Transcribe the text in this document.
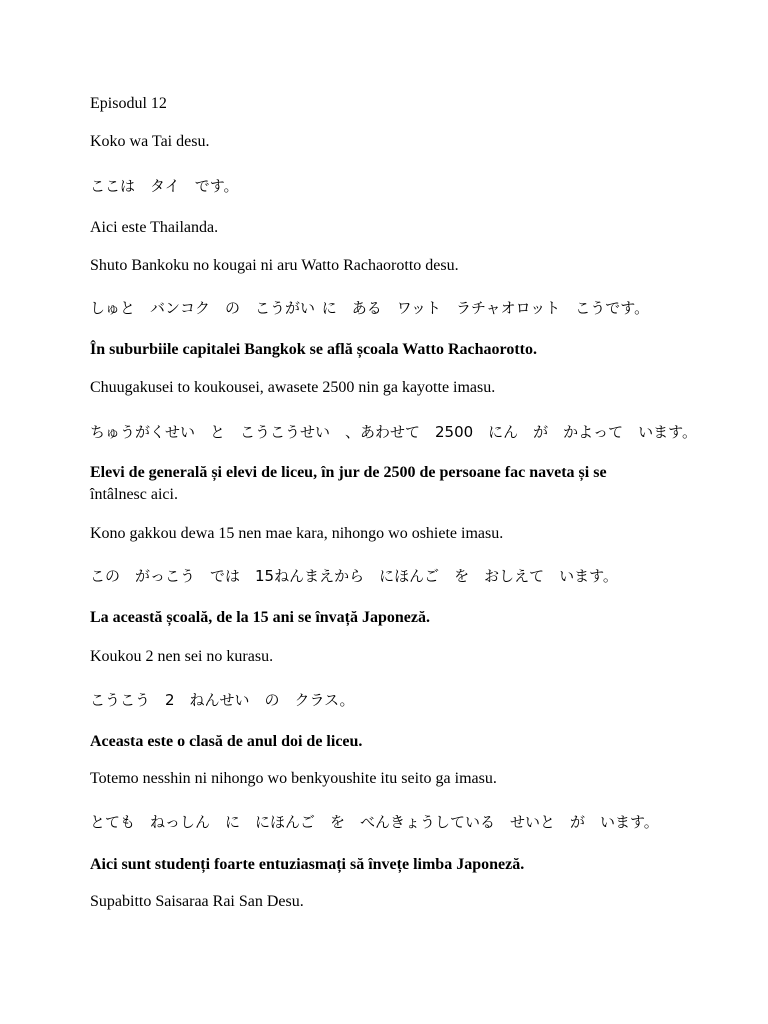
Episodul 12
Koko wa Tai desu.
ここは　タイ　です。
Aici este Thailanda.
Shuto Bankoku no kougai ni aru Watto Rachaorotto desu.
しゅと　バンコク　の　こうがい に　ある　ワット　ラチャオロット　こうです。
În suburbiile capitalei Bangkok se află școala Watto Rachaorotto.
Chuugakusei to koukousei, awasete 2500 nin ga kayotte imasu.
ちゅうがくせい　と　こうこうせい　、あわせて　2500　にん　が　かよって　います。
Elevi de generală și elevi de liceu, în jur de 2500 de persoane fac naveta și se
întâlnesc aici.
Kono gakkou dewa 15 nen mae kara, nihongo wo oshiete imasu.
この　がっこう　では　15ねんまえから　にほんご　を　おしえて　います。
La această școală, de la 15 ani se învață Japoneză.
Koukou 2 nen sei no kurasu.
こうこう　2　ねんせい　の　クラス。
Aceasta este o clasă de anul doi de liceu.
Totemo nesshin ni nihongo wo benkyoushite itu seito ga imasu.
とても　ねっしん　に　にほんご　を　べんきょうしている　せいと　が　います。
Aici sunt studenți foarte entuziasmați să învețe limba Japoneză.
Supabitto Saisaraa Rai San Desu.
